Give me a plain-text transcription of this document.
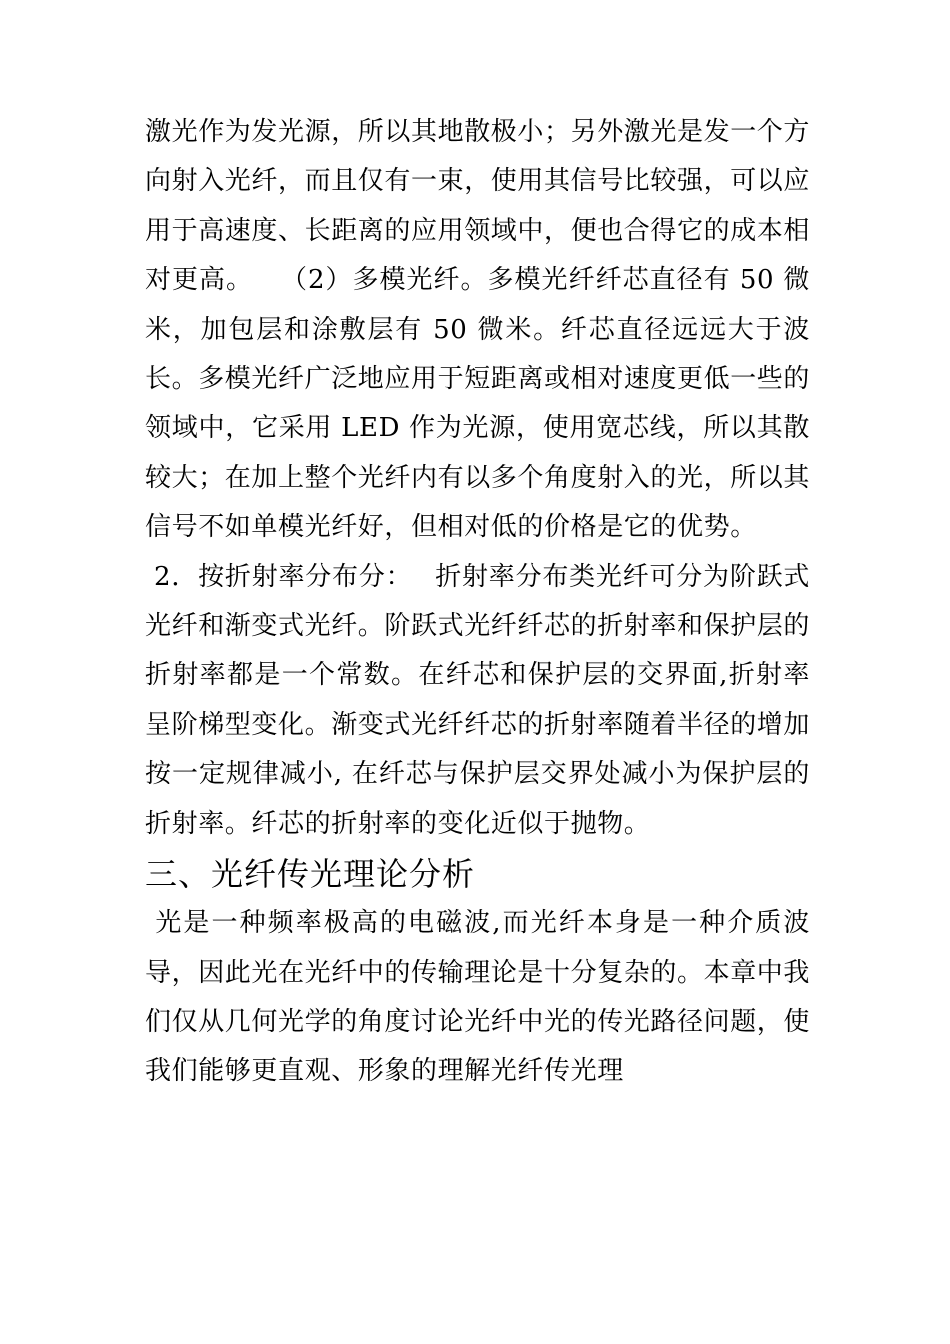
激光作为发光源，所以其地散极小；另外激光是发一个方向射入光纤，而且仅有一束，使用其信号比较强，可以应用于高速度、长距离的应用领域中，便也合得它的成本相对更高。　　（2）多模光纤。多模光纤纤芯直径有 50 微米，加包层和涂敷层有 50 微米。纤芯直径远远大于波长。多模光纤广泛地应用于短距离或相对速度更低一些的领域中，它采用 LED 作为光源，使用宽芯线，所以其散较大；在加上整个光纤内有以多个角度射入的光，所以其信号不如单模光纤好，但相对低的价格是它的优势。

2．按折射率分布分：　 折射率分布类光纤可分为阶跃式光纤和渐变式光纤。阶跃式光纤纤芯的折射率和保护层的折射率都是一个常数。在纤芯和保护层的交界面,折射率呈阶梯型变化。渐变式光纤纤芯的折射率随着半径的增加按一定规律减小, 在纤芯与保护层交界处减小为保护层的折射率。纤芯的折射率的变化近似于抛物。

三、光纤传光理论分析

光是一种频率极高的电磁波,而光纤本身是一种介质波导，因此光在光纤中的传输理论是十分复杂的。本章中我们仅从几何光学的角度讨论光纤中光的传光路径问题，使我们能够更直观、形象的理解光纤传光理
